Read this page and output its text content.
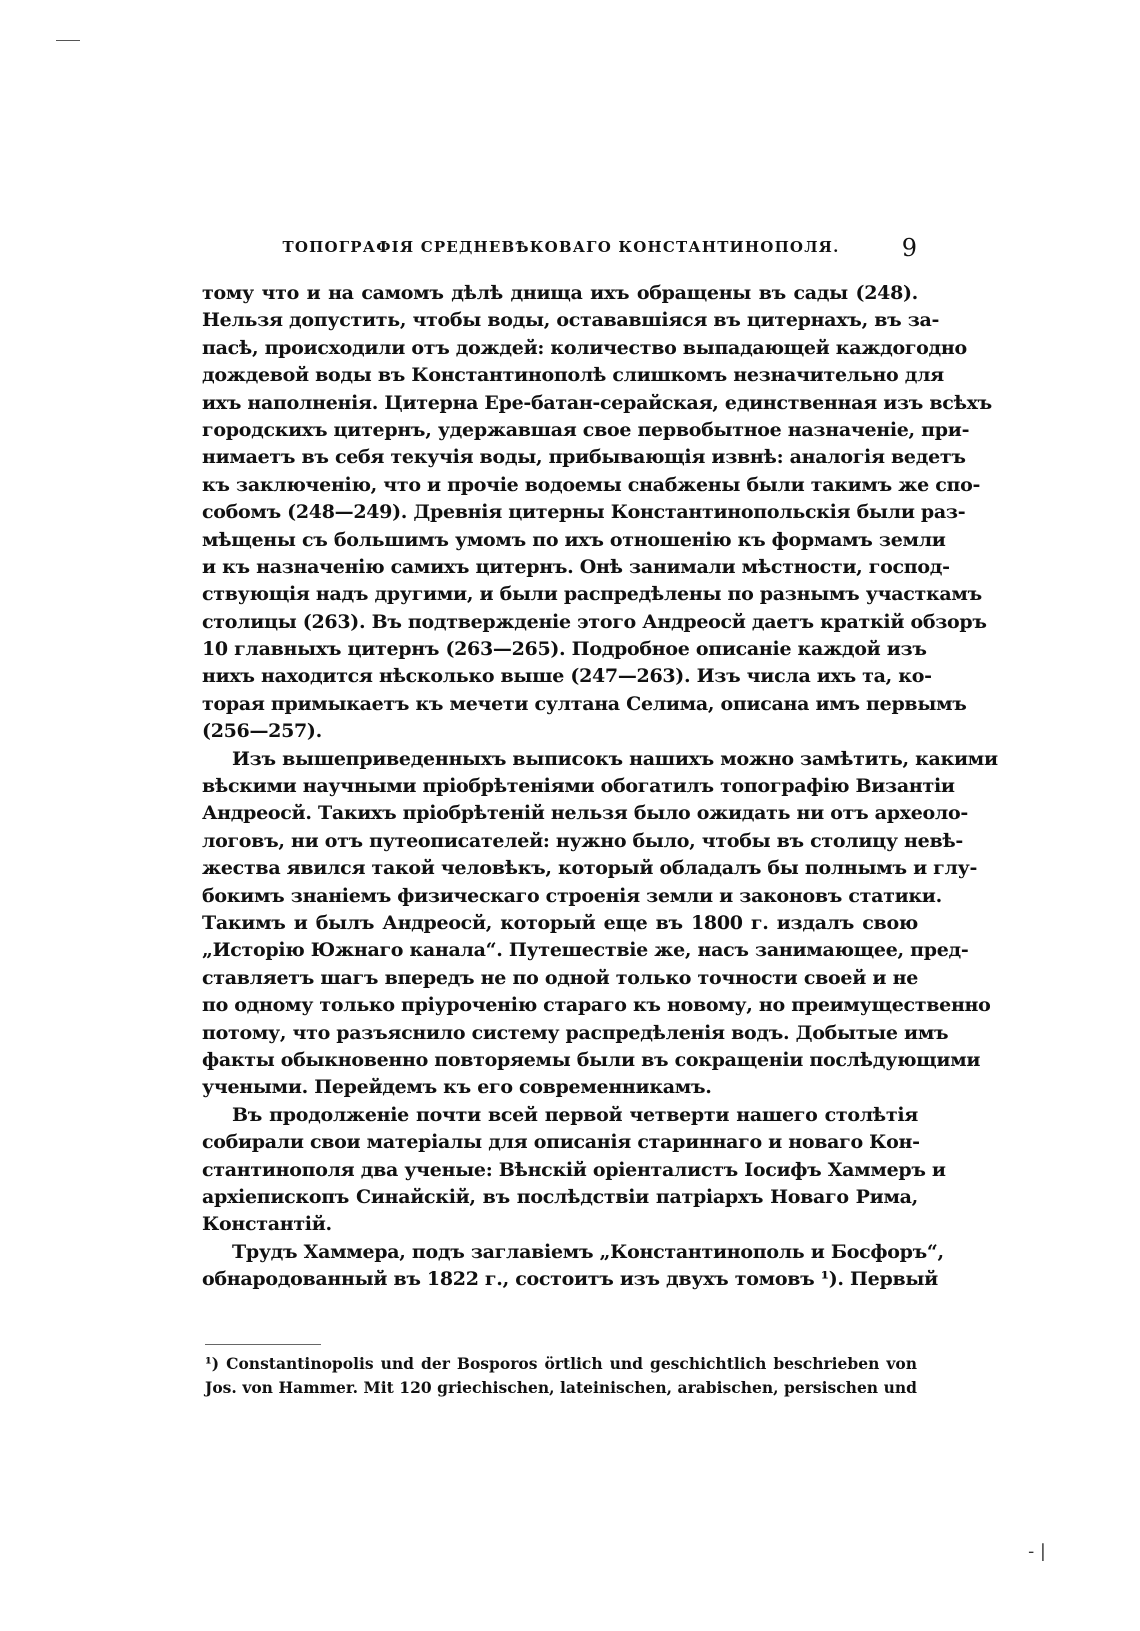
ТОПОГРАФІЯ СРЕДНЕВѢКОВАГО КОНСТАНТИНОПОЛЯ.	9
тому что и на самомъ дѣлѣ днища ихъ обращены въ сады (248).
Нельзя допустить, чтобы воды, остававшіяся въ цитернахъ, въ за-
пасѣ, происходили отъ дождей: количество выпадающей каждогодно
дождевой воды въ Константинополѣ слишкомъ незначительно для
ихъ наполненія. Цитерна Ере-батан-серайская, единственная изъ всѣхъ
городскихъ цитернъ, удержавшая свое первобытное назначеніе, при-
нимаетъ въ себя текучія воды, прибывающія извнѣ: аналогія ведетъ
къ заключенію, что и прочіе водоемы снабжены были такимъ же спо-
собомъ (248—249). Древнія цитерны Константинопольскія были раз-
мѣщены съ большимъ умомъ по ихъ отношенію къ формамъ земли
и къ назначенію самихъ цитернъ. Онѣ занимали мѣстности, господ-
ствующія надъ другими, и были распредѣлены по разнымъ участкамъ
столицы (263). Въ подтвержденіе этого Андреосй даетъ краткій обзоръ
10 главныхъ цитернъ (263—265). Подробное описаніе каждой изъ
нихъ находится нѣсколько выше (247—263). Изъ числа ихъ та, ко-
торая примыкаетъ къ мечети султана Селима, описана имъ первымъ
(256—257).
Изъ вышеприведенныхъ выписокъ нашихъ можно замѣтить, какими
вѣскими научными пріобрѣтеніями обогатилъ топографію Византіи
Андреосй. Такихъ пріобрѣтеній нельзя было ожидать ни отъ археоло-
логовъ, ни отъ путеописателей: нужно было, чтобы въ столицу невѣ-
жества явился такой человѣкъ, который обладалъ бы полнымъ и глу-
бокимъ знаніемъ физическаго строенія земли и законовъ статики.
Такимъ и былъ Андреосй, который еще въ 1800 г. издалъ свою
„Исторію Южнаго канала“. Путешествіе же, насъ занимающее, пред-
ставляетъ шагъ впередъ не по одной только точности своей и не
по одному только пріуроченію стараго къ новому, но преимущественно
потому, что разъяснило систему распредѣленія водъ. Добытые имъ
факты обыкновенно повторяемы были въ сокращеніи послѣдующими
учеными. Перейдемъ къ его современникамъ.
Въ продолженіе почти всей первой четверти нашего столѣтія
собирали свои матеріалы для описанія стариннаго и новаго Кон-
стантинополя два ученые: Вѣнскій оріенталистъ Іосифъ Хаммеръ и
архіепископъ Синайскій, въ послѣдствіи патріархъ Новаго Рима,
Константій.
Трудъ Хаммера, подъ заглавіемъ „Константинополь и Босфоръ“,
обнародованный въ 1822 г., состоитъ изъ двухъ томовъ ¹). Первый
¹) Constantinopolis und der Bosporos örtlich und geschichtlich beschrieben von
Jos. von Hammer. Mit 120 griechischen, lateinischen, arabischen, persischen und
- |
